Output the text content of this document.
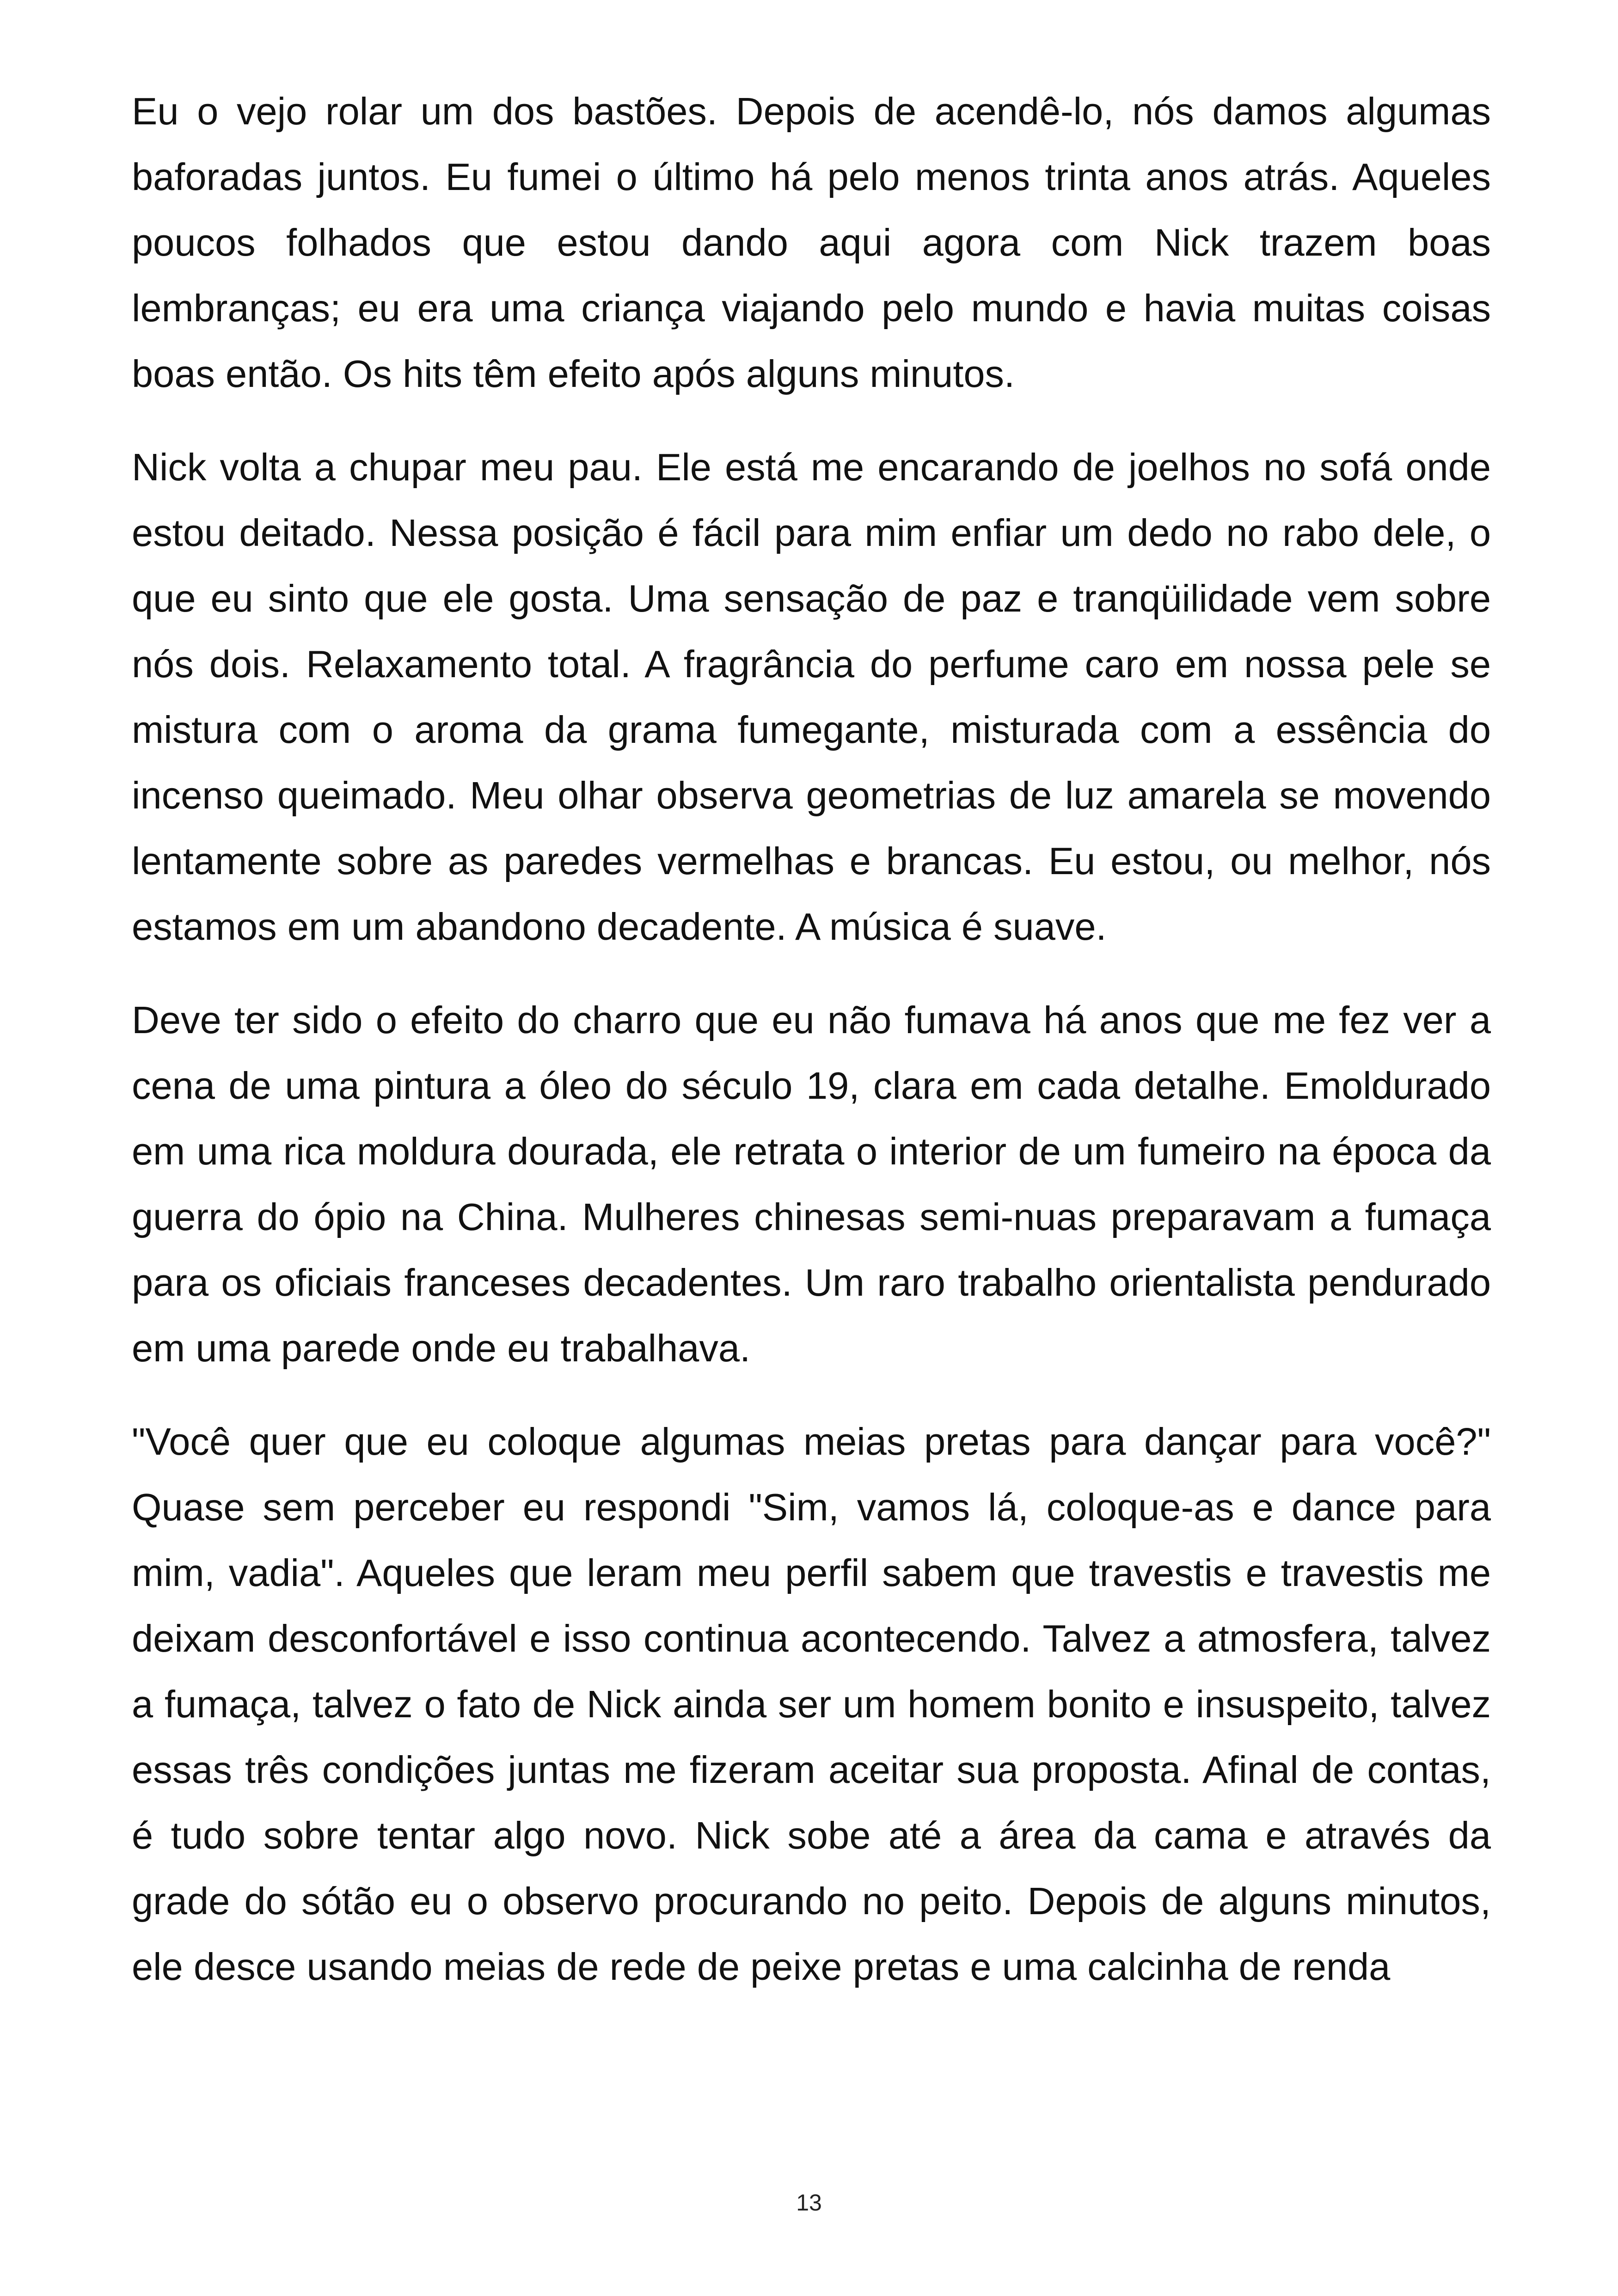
Eu o vejo rolar um dos bastões. Depois de acendê-lo, nós damos algumas baforadas juntos. Eu fumei o último há pelo menos trinta anos atrás. Aqueles poucos folhados que estou dando aqui agora com Nick trazem boas lembranças; eu era uma criança viajando pelo mundo e havia muitas coisas boas então. Os hits têm efeito após alguns minutos.

Nick volta a chupar meu pau. Ele está me encarando de joelhos no sofá onde estou deitado. Nessa posição é fácil para mim enfiar um dedo no rabo dele, o que eu sinto que ele gosta. Uma sensação de paz e tranqüilidade vem sobre nós dois. Relaxamento total. A fragrância do perfume caro em nossa pele se mistura com o aroma da grama fumegante, misturada com a essência do incenso queimado. Meu olhar observa geometrias de luz amarela se movendo lentamente sobre as paredes vermelhas e brancas. Eu estou, ou melhor, nós estamos em um abandono decadente. A música é suave.

Deve ter sido o efeito do charro que eu não fumava há anos que me fez ver a cena de uma pintura a óleo do século 19, clara em cada detalhe. Emoldurado em uma rica moldura dourada, ele retrata o interior de um fumeiro na época da guerra do ópio na China. Mulheres chinesas semi-nuas preparavam a fumaça para os oficiais franceses decadentes. Um raro trabalho orientalista pendurado em uma parede onde eu trabalhava.

"Você quer que eu coloque algumas meias pretas para dançar para você?" Quase sem perceber eu respondi "Sim, vamos lá, coloque-as e dance para mim, vadia". Aqueles que leram meu perfil sabem que travestis e travestis me deixam desconfortável e isso continua acontecendo. Talvez a atmosfera, talvez a fumaça, talvez o fato de Nick ainda ser um homem bonito e insuspeito, talvez essas três condições juntas me fizeram aceitar sua proposta. Afinal de contas, é tudo sobre tentar algo novo. Nick sobe até a área da cama e através da grade do sótão eu o observo procurando no peito. Depois de alguns minutos, ele desce usando meias de rede de peixe pretas e uma calcinha de renda

13
